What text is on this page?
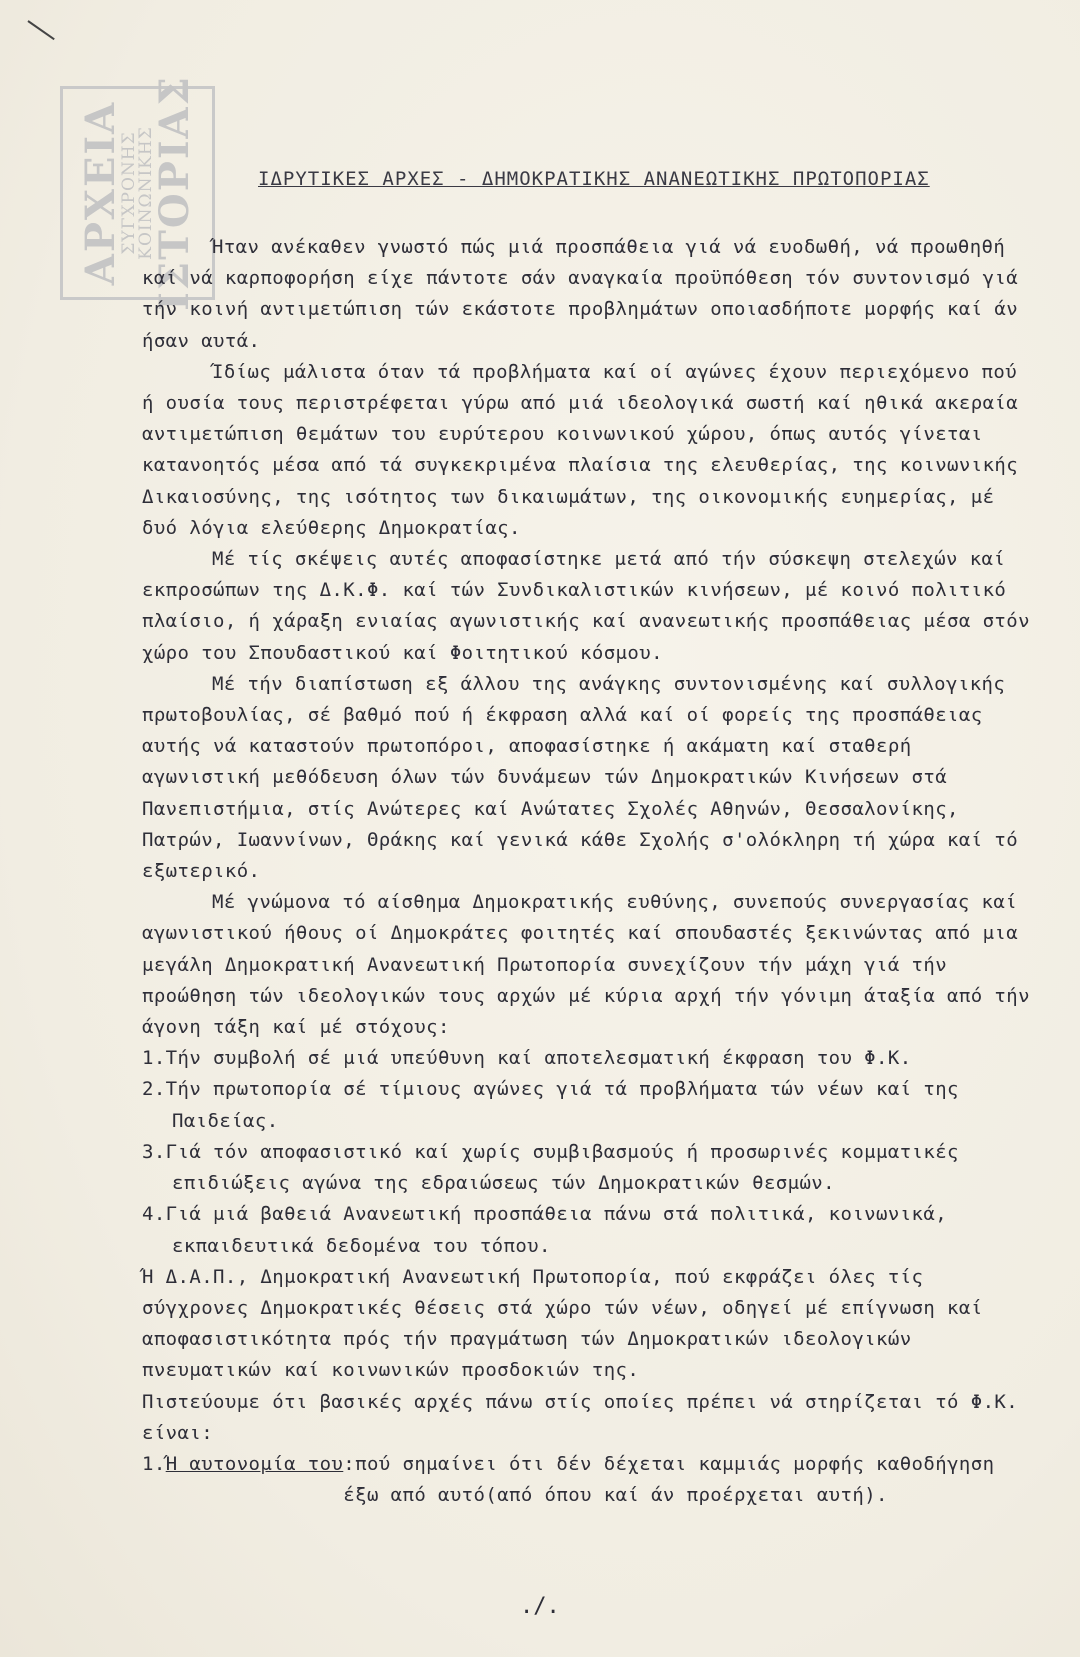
ΑΡΧΕΙΑ
ΣΥΓΧΡΟΝΗΣ
ΚΟΙΝΩΝΙΚΗΣ
ΙΣΤΟΡΙΑΣ	ΙΔΡΥΤΙΚΕΣ ΑΡΧΕΣ - ΔΗΜΟΚΡΑΤΙΚΗΣ ΑΝΑΝΕΩΤΙΚΗΣ ΠΡΩΤΟΠΟΡΙΑΣ

Ήταν ανέκαθεν γνωστό πώς μιά προσπάθεια γιά νά ευοδωθή, νά προωθηθή καί νά καρποφορήση είχε πάντοτε σάν αναγκαία προϋπόθεση τόν συντονισμό γιά τήν κοινή αντιμετώπιση τών εκάστοτε προβλημάτων οποιασδήποτε μορφής καί άν ήσαν αυτά.

Ίδίως μάλιστα όταν τά προβλήματα καί οί αγώνες έχουν περιεχόμενο πού ή ουσία τους περιστρέφεται γύρω από μιά ιδεολογικά σωστή καί ηθικά ακεραία αντιμετώπιση θεμάτων του ευρύτερου κοινωνικού χώρου, όπως αυτός γίνεται κατανοητός μέσα από τά συγκεκριμένα πλαίσια της ελευθερίας, της κοινωνικής Δικαιοσύνης, της ισότητος των δικαιωμάτων, της οικονομικής ευημερίας, μέ δυό λόγια ελεύθερης Δημοκρατίας.

Μέ τίς σκέψεις αυτές αποφασίστηκε μετά από τήν σύσκεψη στελεχών καί εκπροσώπων της Δ.Κ.Φ. καί τών Συνδικαλιστικών κινήσεων, μέ κοινό πολιτικό πλαίσιο, ή χάραξη ενιαίας αγωνιστικής καί ανανεωτικής προσπάθειας μέσα στόν χώρο του Σπουδαστικού καί Φοιτητικού κόσμου.

Μέ τήν διαπίστωση εξ άλλου της ανάγκης συντονισμένης καί συλλογικής πρωτοβουλίας, σέ βαθμό πού ή έκφραση αλλά καί οί φορείς της προσπάθειας αυτής νά καταστούν πρωτοπόροι, αποφασίστηκε ή ακάματη καί σταθερή αγωνιστική μεθόδευση όλων τών δυνάμεων τών Δημοκρατικών Κινήσεων στά Πανεπιστήμια, στίς Ανώτερες καί Ανώτατες Σχολές Αθηνών, Θεσσαλονίκης, Πατρών, Ιωαννίνων, Θράκης καί γενικά κάθε Σχολής σ'ολόκληρη τή χώρα καί τό εξωτερικό.

Μέ γνώμονα τό αίσθημα Δημοκρατικής ευθύνης, συνεπούς συνεργασίας καί αγωνιστικού ήθους οί Δημοκράτες φοιτητές καί σπουδαστές ξεκινώντας από μια μεγάλη Δημοκρατική Ανανεωτική Πρωτοπορία συνεχίζουν τήν μάχη γιά τήν προώθηση τών ιδεολογικών τους αρχών μέ κύρια αρχή τήν γόνιμη άταξία από τήν άγονη τάξη καί μέ στόχους:

1.Τήν συμβολή σέ μιά υπεύθυνη καί αποτελεσματική έκφραση του Φ.Κ.

2.Τήν πρωτοπορία σέ τίμιους αγώνες γιά τά προβλήματα τών νέων καί της Παιδείας.

3.Γιά τόν αποφασιστικό καί χωρίς συμβιβασμούς ή προσωρινές κομματικές επιδιώξεις αγώνα της εδραιώσεως τών Δημοκρατικών θεσμών.

4.Γιά μιά βαθειά Ανανεωτική προσπάθεια πάνω στά πολιτικά, κοινωνικά, εκπαιδευτικά δεδομένα του τόπου.

Ή Δ.Α.Π., Δημοκρατική Ανανεωτική Πρωτοπορία, πού εκφράζει όλες τίς σύγχρονες Δημοκρατικές θέσεις στά χώρο τών νέων, οδηγεί μέ επίγνωση καί αποφασιστικότητα πρός τήν πραγμάτωση τών Δημοκρατικών ιδεολογικών πνευματικών καί κοινωνικών προσδοκιών της.

Πιστεύουμε ότι βασικές αρχές πάνω στίς οποίες πρέπει νά στηρίζεται τό Φ.Κ. είναι:

1. Ή αυτονομία του :πού σημαίνει ότι δέν δέχεται καμμιάς μορφής καθοδήγηση έξω από αυτό(από όπου καί άν προέρχεται αυτή).
./.
